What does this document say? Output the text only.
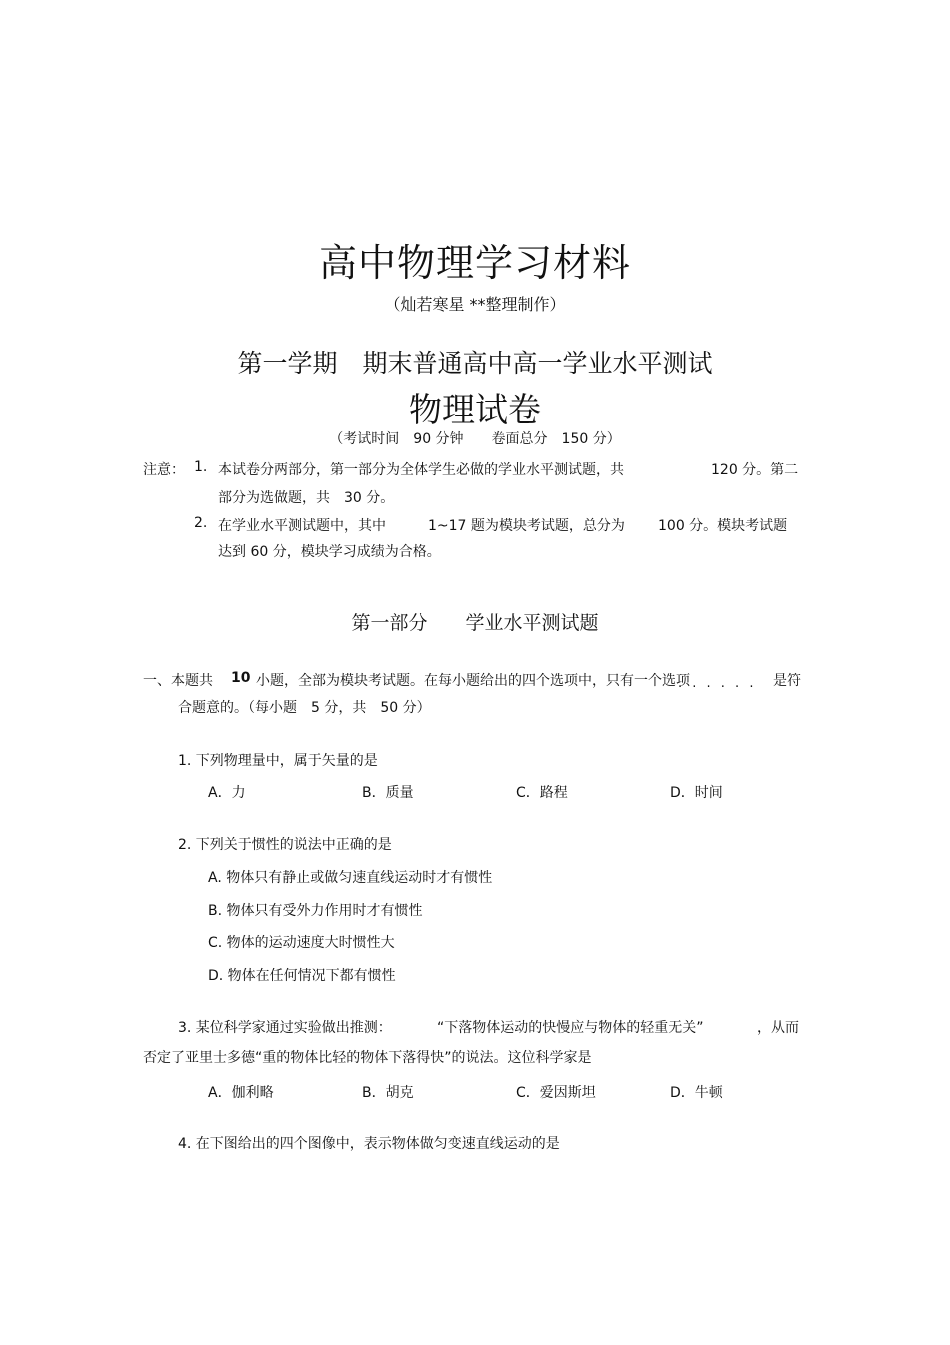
高中物理学习材料
（灿若寒星 **整理制作）
第一学期　期末普通高中高一学业水平测试
物理试卷
（考试时间　90 分钟　　卷面总分　150 分）
注意： 1. 本试卷分两部分，第一部分为全体学生必做的学业水平测试题，共	120 分。第二
部分为选做题，共　30 分。
2. 在学业水平测试题中，其中	1~17 题为模块考试题，总分为 100 分。模块考试题
达到 60 分，模块学习成绩为合格。
第一部分　　学业水平测试题
一、本题共 10 小题，全部为模块考试题。在每小题给出的四个选项中，只有一个选项
· · · · · · 是符
合题意的。（每小题　5 分，共　50 分）
1. 下列物理量中，属于矢量的是
A．力	B．质量	C．路程	D．时间
2. 下列关于惯性的说法中正确的是
A. 物体只有静止或做匀速直线运动时才有惯性
B. 物体只有受外力作用时才有惯性
C. 物体的运动速度大时惯性大
D. 物体在任何情况下都有惯性
3. 某位科学家通过实验做出推测：	“下落物体运动的快慢应与物体的轻重无关”	，从而
否定了亚里士多德“重的物体比轻的物体下落得快”的说法。这位科学家是
A．伽利略	B．胡克	C．爱因斯坦	D．牛顿
4. 在下图给出的四个图像中，表示物体做匀变速直线运动的是
